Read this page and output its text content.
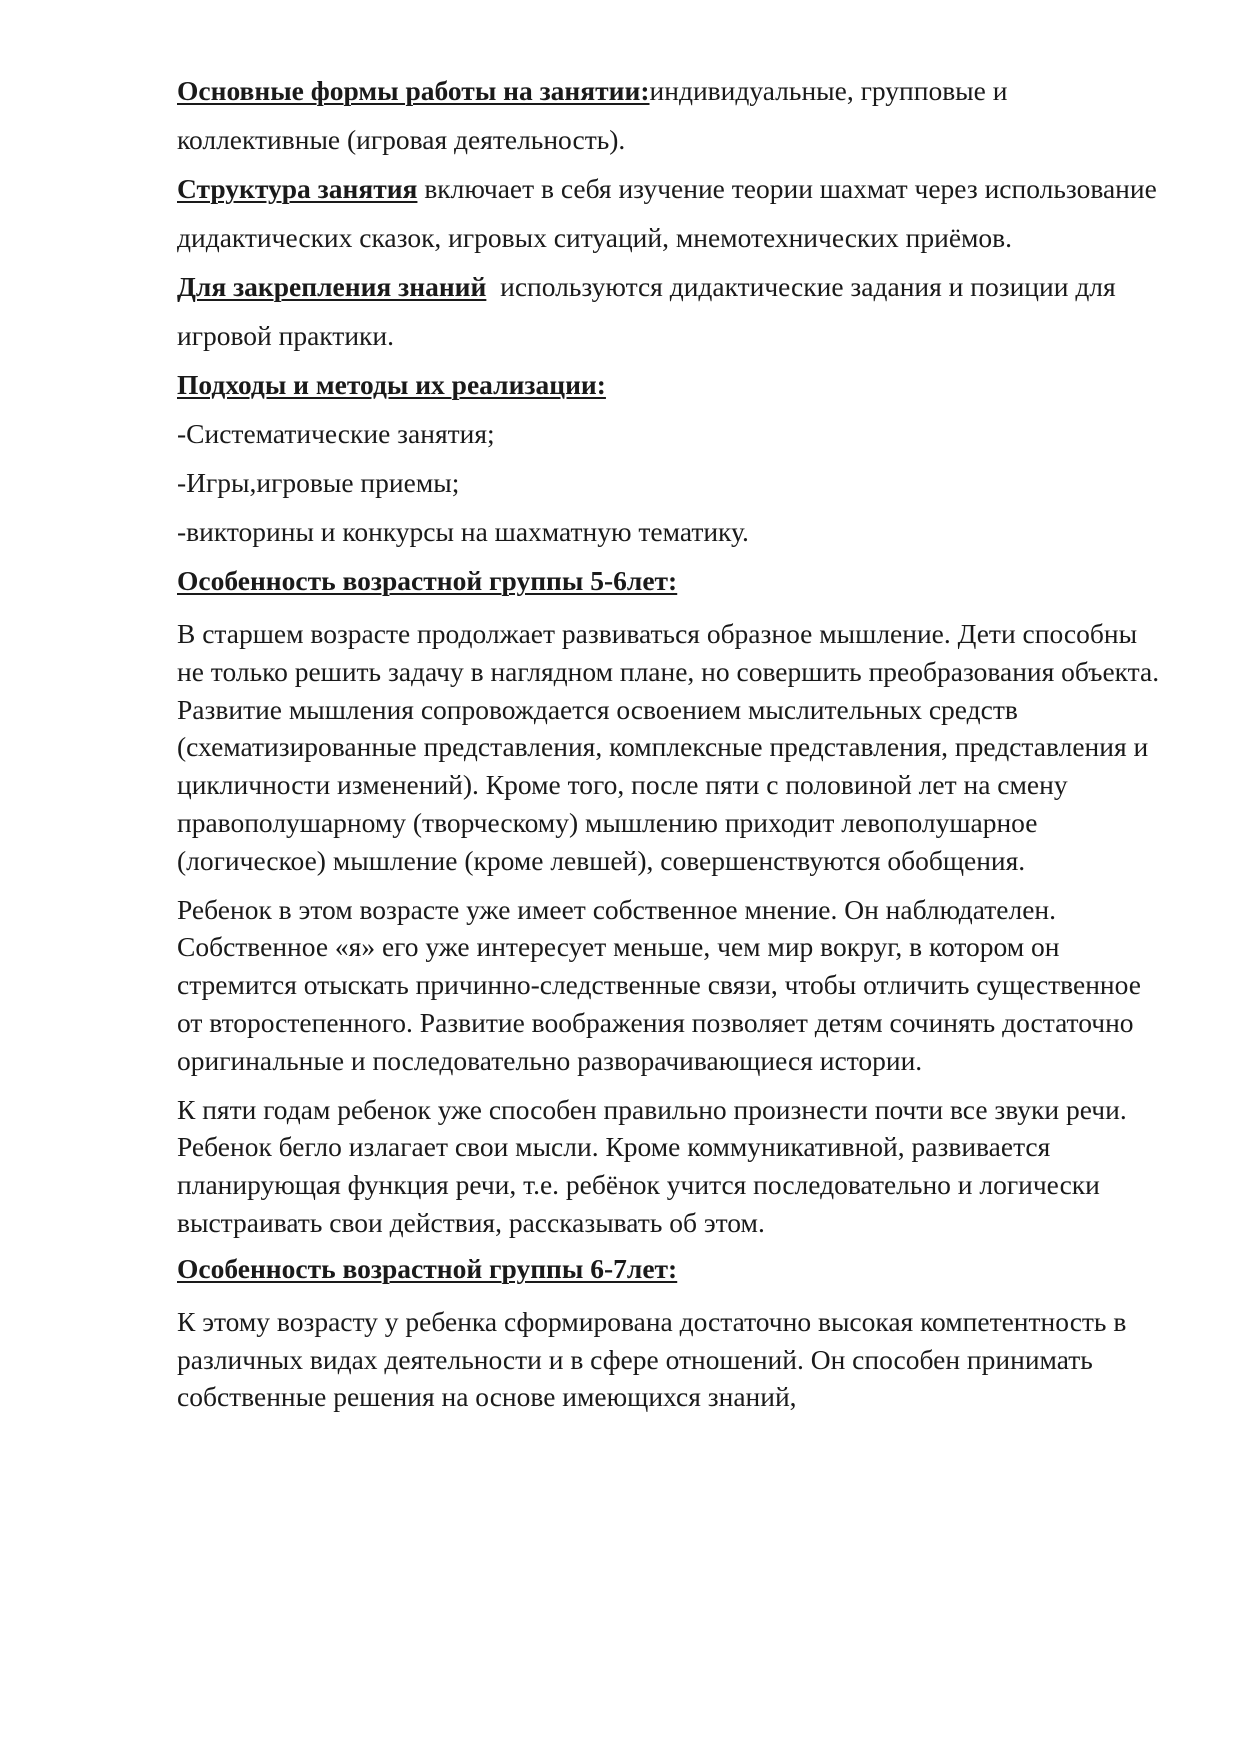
Основные формы работы на занятии:индивидуальные, групповые и коллективные (игровая деятельность).

Структура занятия включает в себя изучение теории шахмат через использование дидактических сказок, игровых ситуаций, мнемотехнических приёмов.

Для закрепления знаний  используются дидактические задания и позиции для игровой практики.

Подходы и методы их реализации:
-Систематические занятия;
-Игры,игровые приемы;
-викторины и конкурсы на шахматную тематику.
Особенность возрастной группы 5-6лет:

В старшем возрасте продолжает развиваться образное мышление. Дети способны не только решить задачу в наглядном плане, но совершить преобразования объекта. Развитие мышления сопровождается освоением мыслительных средств (схематизированные представления, комплексные представления, представления и цикличности изменений). Кроме того, после пяти с половиной лет на смену правополушарному (творческому) мышлению приходит левополушарное (логическое) мышление (кроме левшей), совершенствуются обобщения.

Ребенок в этом возрасте уже имеет собственное мнение. Он наблюдателен. Собственное «я» его уже интересует меньше, чем мир вокруг, в котором он стремится отыскать причинно-следственные связи, чтобы отличить существенное от второстепенного. Развитие воображения позволяет детям сочинять достаточно оригинальные и последовательно разворачивающиеся истории.

К пяти годам ребенок уже способен правильно произнести почти все звуки речи. Ребенок бегло излагает свои мысли. Кроме коммуникативной, развивается планирующая функция речи, т.е. ребёнок учится последовательно и логически выстраивать свои действия, рассказывать об этом.

Особенность возрастной группы 6-7лет:

К этому возрасту у ребенка сформирована достаточно высокая компетентность в различных видах деятельности и в сфере отношений. Он способен принимать собственные решения на основе имеющихся знаний,
